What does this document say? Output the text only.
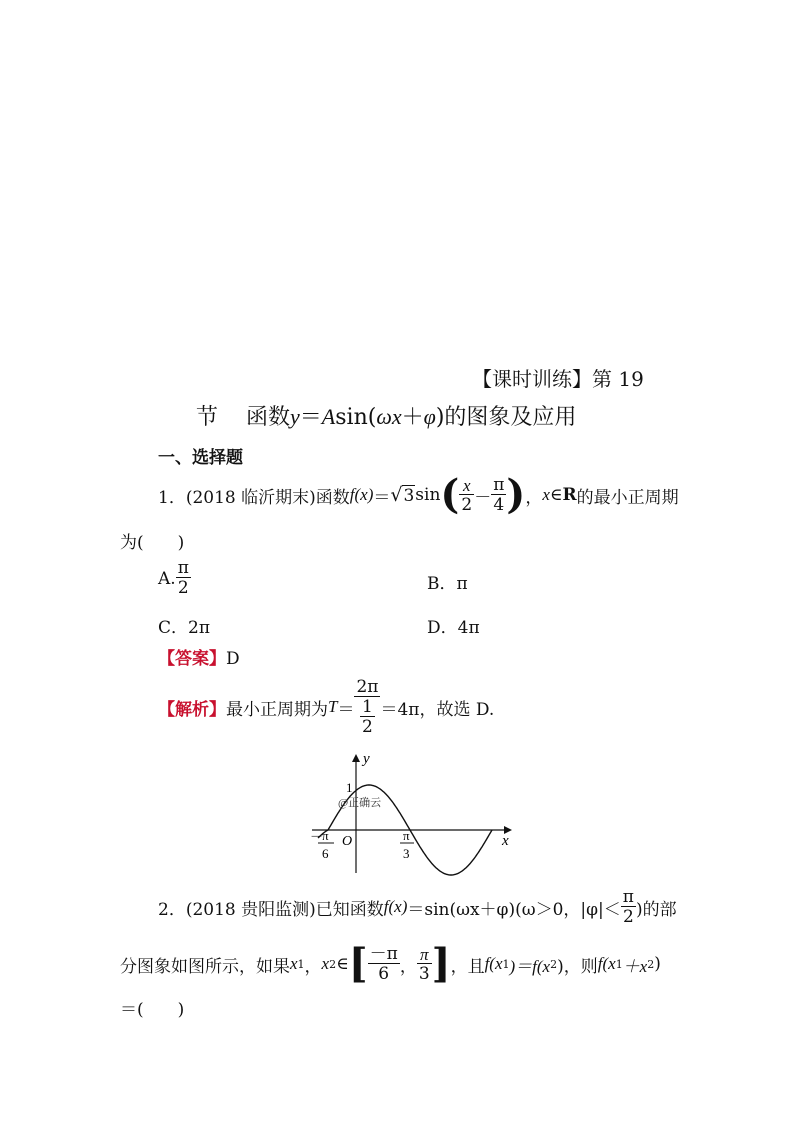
【课时训练】第 19
节 函数y＝Asin(ωx＋φ)的图象及应用
一、选择题
1． (2018 临沂期末)函数 f(x) ＝ √ 3 sin ( $\frac{x}{2} - \frac{\pi}{4}$ ) ， x ∈ R 的最小正周期
为(　　)
A. $\frac{\pi}{2}$	B．π
C．2π	D．4π
【答案】D
【解析】 最小正周期为 $T = \frac{2\pi}{\frac{1}{2}} =4\pi$，故选 D.
y
x
O
1
@正确云
－
π
6
π
3
2． (2018 贵阳监测)已知函数 f(x) ＝sin(ωx＋φ)(ω＞0，$|\varphi|< \frac{\pi}{2}$ )的部
分图象如图所示，如果 x 1 ， x 2 ∈ [ $\frac{-\pi}{6}$ ， $\frac{\pi}{3}$ ] ，且 f(x 1 )＝f(x 2 )，则 f(x 1 ＋x 2 )
＝(　　)
